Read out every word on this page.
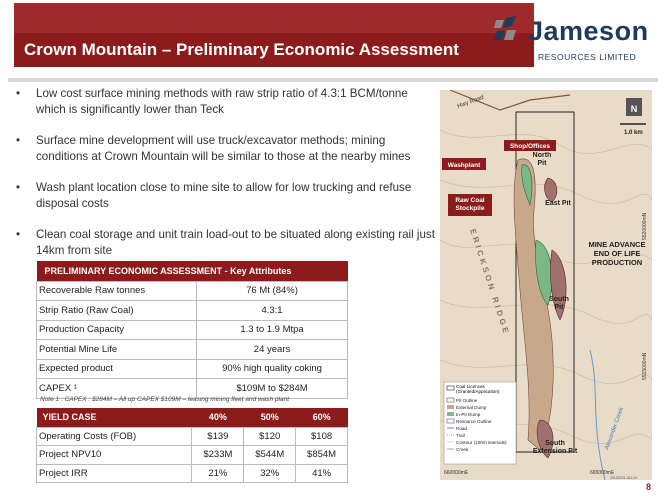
Crown Mountain – Preliminary Economic Assessment
Jameson
RESOURCES LIMITED
• Low cost surface mining methods with raw strip ratio of 4.3:1 BCM/tonne which is significantly lower than Teck
• Surface mine development will use truck/excavator methods; mining conditions at Crown Mountain will be similar to those at the nearby mines
• Wash plant location close to mine site to allow for low trucking and refuse disposal costs
• Clean coal storage and unit train load-out to be situated along existing rail just 14km from site
PRELIMINARY ECONOMIC ASSESSMENT - Key Attributes	
Recoverable Raw tonnes	76 Mt (84%)
Strip Ratio (Raw Coal)	4.3:1
Production Capacity	1.3 to 1.9 Mtpa
Potential Mine Life	24 years
Expected product	90% high quality coking
CAPEX ¹	$109M to $284M
Note 1 : CAPEX : $284M – All up CAPEX $109M – leasing mining fleet and wash plant
YIELD CASE	40%	50%	60%
Operating Costs (FOB)	$139	$120	$108
Project NPV10	$233M	$544M	$854M
Project IRR	21%	32%	41%
Hwy Road	N
1.0 km
Shop/Offices
Washplant
Raw Coal Stockpile
North Pit
East Pit
South Pit
MINE ADVANCE END OF LIFE PRODUCTION
South Extension Pit
ERICKSON RIDGE
Alexander Creek
5520000mN
5515000mN
Coal Licences (Granted/Application)
Pit Outline
External Dump
In-Pit Dump
Resource Outline
Road
Trail
Contour (100m intervals)
Creek
660000mE	665000mE
20130701-011-01
8
